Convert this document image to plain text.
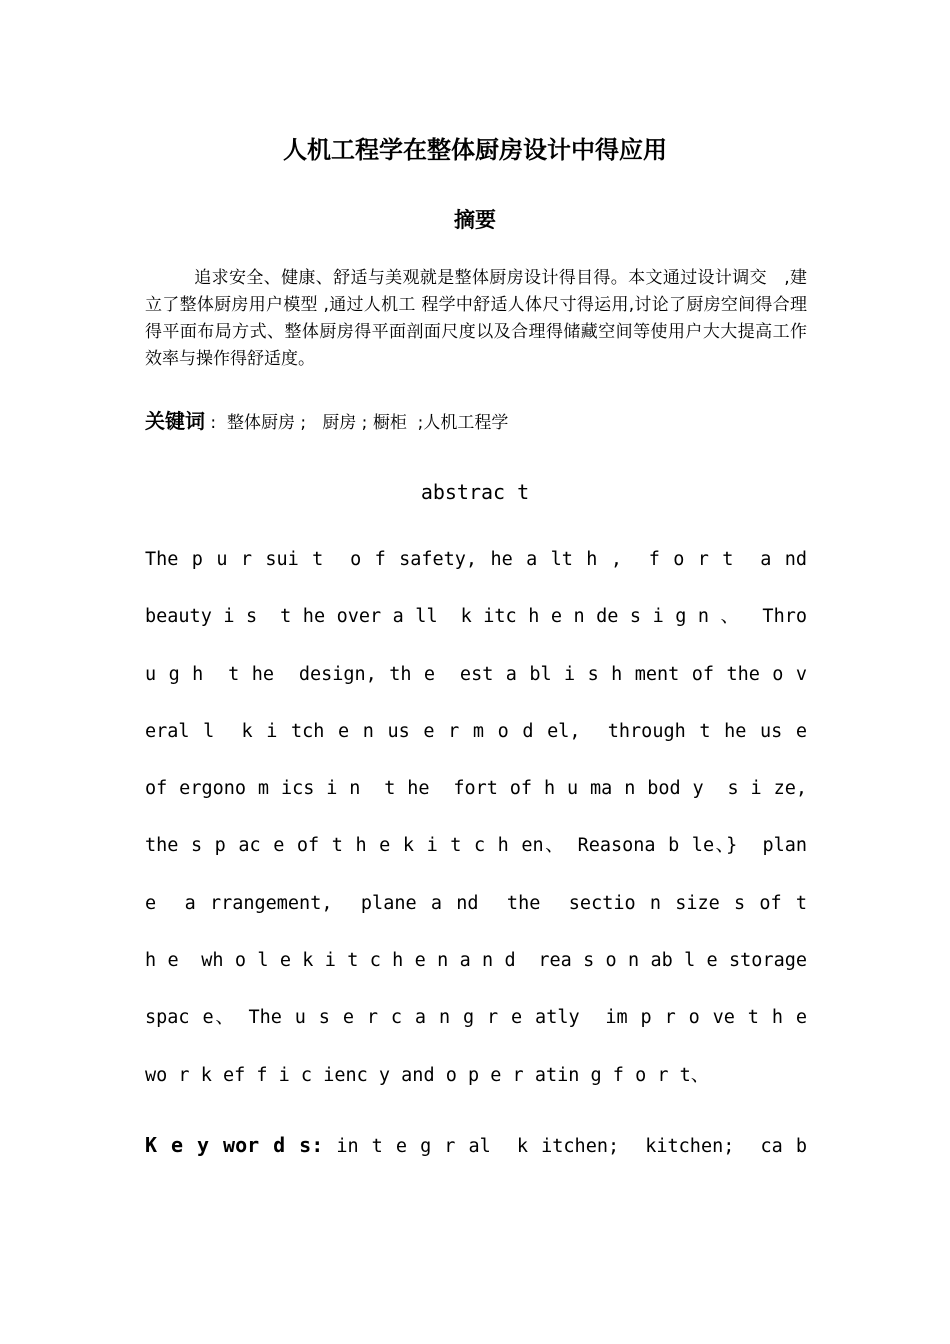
人机工程学在整体厨房设计中得应用
摘要

追求安全、健康、舒适与美观就是整体厨房设计得目得。本文通过设计调交   ,建立了整体厨房用户模型 ,通过人机工 程学中舒适人体尺寸得运用,讨论了厨房空间得合理得平面布局方式、整体厨房得平面剖面尺度以及合理得储藏空间等使用户大大提高工作效率与操作得舒适度。

关键词 :  整体厨房 ;   厨房 ; 橱柜  ;人机工程学
abstrac t
The p u r sui t  o f safety, he a lt h ,  f o r t  a nd
beauty i s  t he over a ll  k itc h e n de s i g n 、  Thro
u g h  t he  design, th e  est a bl i s h ment of the o v
eral l  k i tch e n us e r m o d el,  through t he us e
of ergono m ics i n  t he  fort of h u ma n bod y  s i ze,
the s p ac e of t h e k i t c h en、 Reasona b le、}  plan
e  a rrangement,  plane a nd  the  sectio n size s of t
h e  wh o l e k i t c h e n a n d  rea s o n ab l e storage
spac e、 The u s e r c a n g r e atly  im p r o ve t h e
wo r k ef f i c ienc y and o p e r atin g f o r t、
K e y wor d s: in t e g r al  k itchen;  kitchen;  ca b
